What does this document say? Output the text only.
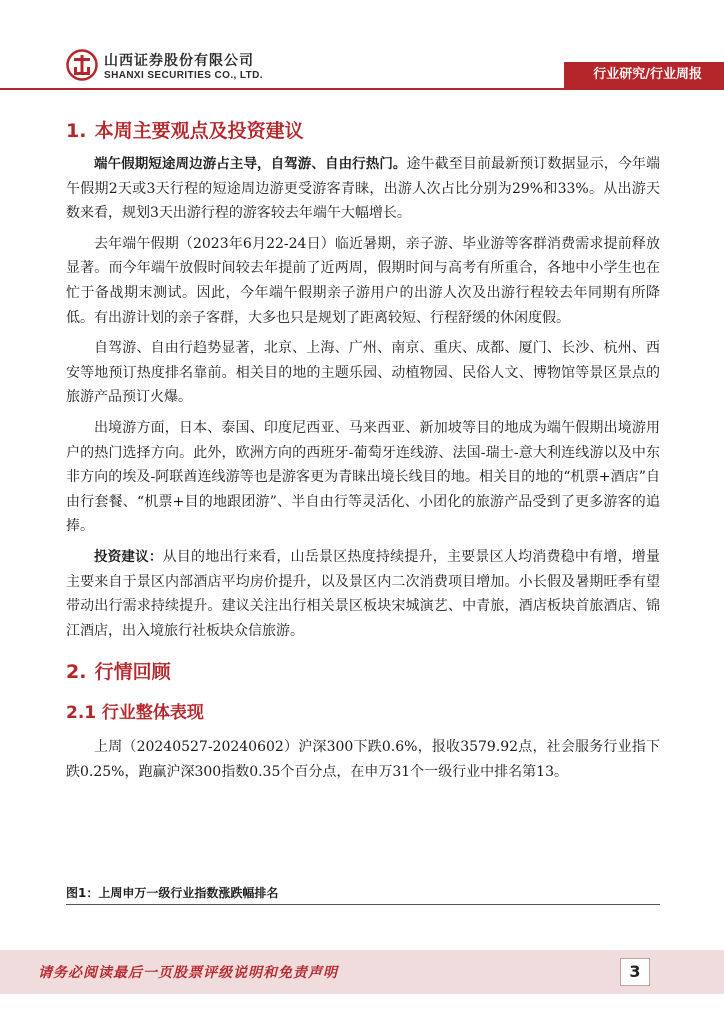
山西证券股份有限公司
SHANXI SECURITIES CO., LTD.	行业研究/行业周报
1. 本周主要观点及投资建议

端午假期短途周边游占主导，自驾游、自由行热门。途牛截至目前最新预订数据显示，今年端午假期2天或3天行程的短途周边游更受游客青睐，出游人次占比分别为29%和33%。从出游天数来看，规划3天出游行程的游客较去年端午大幅增长。

去年端午假期（2023年6月22-24日）临近暑期，亲子游、毕业游等客群消费需求提前释放显著。而今年端午放假时间较去年提前了近两周，假期时间与高考有所重合，各地中小学生也在忙于备战期末测试。因此，今年端午假期亲子游用户的出游人次及出游行程较去年同期有所降低。有出游计划的亲子客群，大多也只是规划了距离较短、行程舒缓的休闲度假。

自驾游、自由行趋势显著，北京、上海、广州、南京、重庆、成都、厦门、长沙、杭州、西安等地预订热度排名靠前。相关目的地的主题乐园、动植物园、民俗人文、博物馆等景区景点的旅游产品预订火爆。

出境游方面，日本、泰国、印度尼西亚、马来西亚、新加坡等目的地成为端午假期出境游用户的热门选择方向。此外，欧洲方向的西班牙-葡萄牙连线游、法国-瑞士-意大利连线游以及中东非方向的埃及-阿联酋连线游等也是游客更为青睐出境长线目的地。相关目的地的“机票+酒店”自由行套餐、“机票+目的地跟团游”、半自由行等灵活化、小团化的旅游产品受到了更多游客的追捧。

投资建议：从目的地出行来看，山岳景区热度持续提升，主要景区人均消费稳中有增，增量主要来自于景区内部酒店平均房价提升，以及景区内二次消费项目增加。小长假及暑期旺季有望带动出行需求持续提升。建议关注出行相关景区板块宋城演艺、中青旅，酒店板块首旅酒店、锦江酒店，出入境旅行社板块众信旅游。

2. 行情回顾
2.1 行业整体表现

上周（20240527-20240602）沪深300下跌0.6%，报收3579.92点，社会服务行业指下跌0.25%，跑赢沪深300指数0.35个百分点，在申万31个一级行业中排名第13。

图1：上周申万一级行业指数涨跌幅排名
请务必阅读最后一页股票评级说明和免责声明	3
